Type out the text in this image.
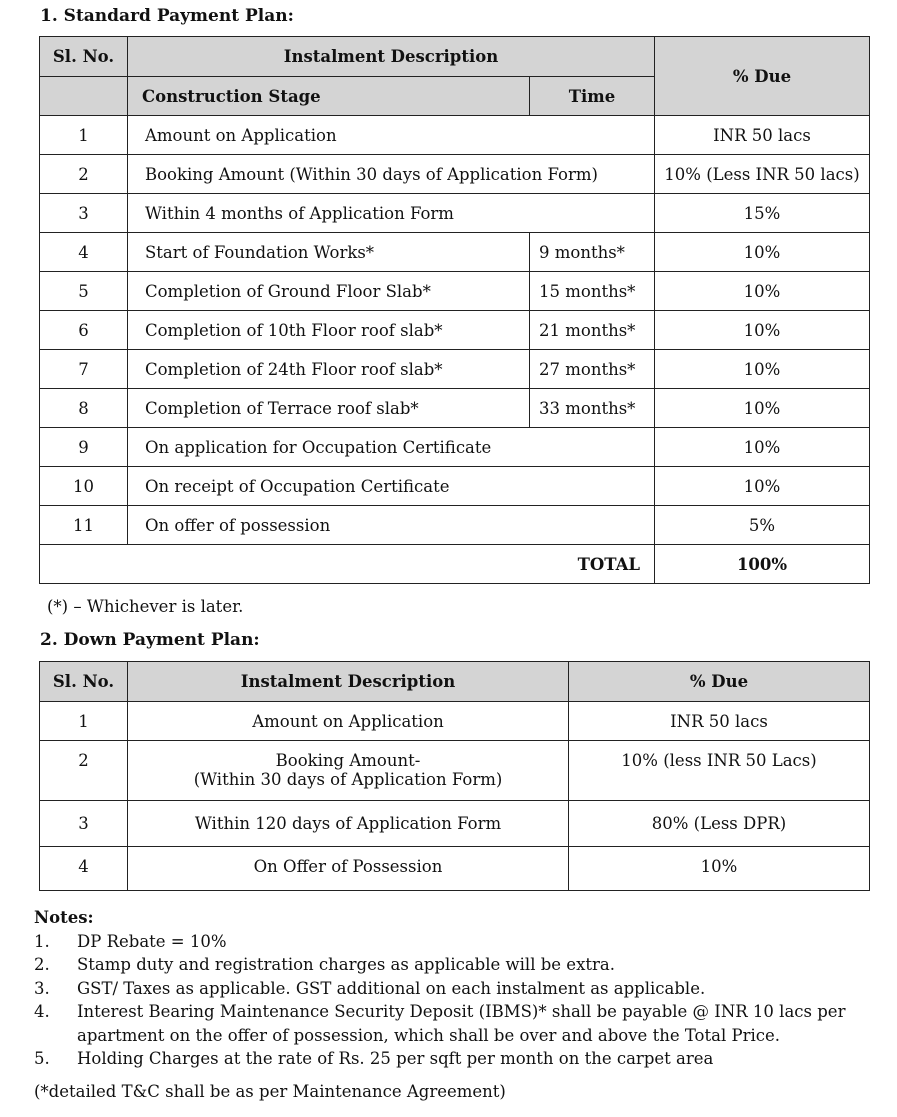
1. Standard Payment Plan:
Sl. No.	Instalment Description		% Due
	Construction Stage	Time	
1	Amount on Application		INR 50 lacs
2	Booking Amount (Within 30 days of Application Form)		10% (Less INR 50 lacs)
3	Within 4 months of Application Form		15%
4	Start of Foundation Works*	9 months*	10%
5	Completion of Ground Floor Slab*	15 months*	10%
6	Completion of 10th Floor roof slab*	21 months*	10%
7	Completion of 24th Floor roof slab*	27 months*	10%
8	Completion of Terrace roof slab*	33 months*	10%
9	On application for Occupation Certificate		10%
10	On receipt of Occupation Certificate		10%
11	On offer of possession		5%
TOTAL			100%
(*) – Whichever is later.
2. Down Payment Plan:
Sl. No.	Instalment Description	% Due
1	Amount on Application	INR 50 lacs
2	Booking Amount-
(Within 30 days of Application Form)	10% (less INR 50 Lacs)
3	Within 120 days of Application Form	80% (Less DPR)
4	On Offer of Possession	10%
Notes:
1.	DP Rebate = 10%
2.	Stamp duty and registration charges as applicable will be extra.
3.	GST/ Taxes as applicable. GST additional on each instalment as applicable.
4.	Interest Bearing Maintenance Security Deposit (IBMS)* shall be payable @ INR 10 lacs per apartment on the offer of possession, which shall be over and above the Total Price.
5.	Holding Charges at the rate of Rs. 25 per sqft per month on the carpet area
(*detailed T&C shall be as per Maintenance Agreement)
